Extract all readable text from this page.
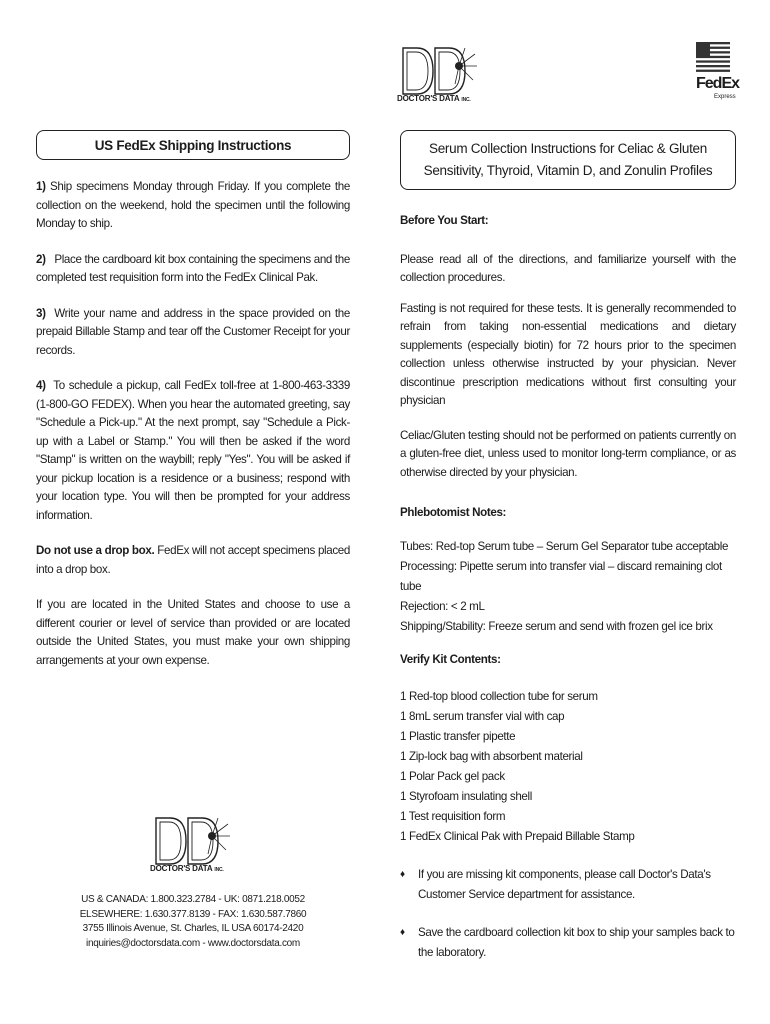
DOCTOR'S DATA INC.
FedEx
Express
US FedEx Shipping Instructions

1) Ship specimens Monday through Friday. If you complete the collection on the weekend, hold the specimen until the following Monday to ship.

2) Place the cardboard kit box containing the specimens and the completed test requisition form into the FedEx Clinical Pak.

3) Write your name and address in the space provided on the prepaid Billable Stamp and tear off the Customer Receipt for your records.

4) To schedule a pickup, call FedEx toll-free at 1-800-463-3339 (1-800-GO FEDEX). When you hear the automated greeting, say "Schedule a Pick-up." At the next prompt, say "Schedule a Pick-up with a Label or Stamp." You will then be asked if the word "Stamp" is written on the waybill; reply "Yes". You will be asked if your pickup location is a residence or a business; respond with your location type. You will then be prompted for your address information.

Do not use a drop box. FedEx will not accept specimens placed into a drop box.

If you are located in the United States and choose to use a different courier or level of service than provided or are located outside the United States, you must make your own shipping arrangements at your own expense.

DOCTOR'S DATA INC.
US & CANADA: 1.800.323.2784 - UK: 0871.218.0052
ELSEWHERE: 1.630.377.8139 - FAX: 1.630.587.7860
3755 Illinois Avenue, St. Charles, IL USA 60174-2420
inquiries@doctorsdata.com - www.doctorsdata.com
Serum Collection Instructions for Celiac & Gluten
Sensitivity, Thyroid, Vitamin D, and Zonulin Profiles

Before You Start:

Please read all of the directions, and familiarize yourself with the collection procedures.

Fasting is not required for these tests. It is generally recommended to refrain from taking non-essential medications and dietary supplements (especially biotin) for 72 hours prior to the specimen collection unless otherwise instructed by your physician. Never discontinue prescription medications without first consulting your physician

Celiac/Gluten testing should not be performed on patients currently on a gluten-free diet, unless used to monitor long-term compliance, or as otherwise directed by your physician.

Phlebotomist Notes:

Tubes: Red-top Serum tube – Serum Gel Separator tube acceptable
Processing: Pipette serum into transfer vial – discard remaining clot tube
Rejection: < 2 mL
Shipping/Stability: Freeze serum and send with frozen gel ice brix

Verify Kit Contents:

1 Red-top blood collection tube for serum
1 8mL serum transfer vial with cap
1 Plastic transfer pipette
1 Zip-lock bag with absorbent material
1 Polar Pack gel pack
1 Styrofoam insulating shell
1 Test requisition form
1 FedEx Clinical Pak with Prepaid Billable Stamp
♦	If you are missing kit components, please call Doctor's Data's Customer Service department for assistance.
♦	Save the cardboard collection kit box to ship your samples back to the laboratory.
